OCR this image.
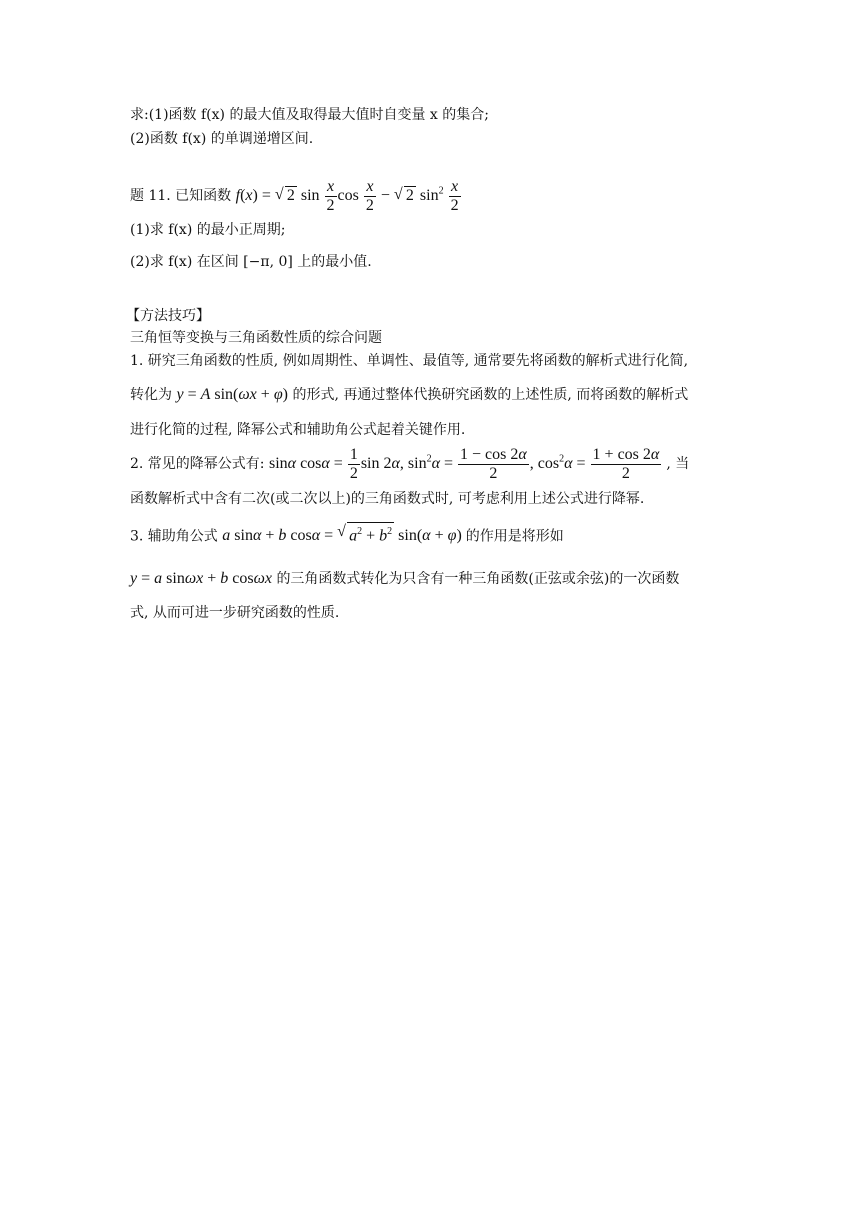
求:(1)函数 f(x) 的最大值及取得最大值时自变量 x 的集合;
(2)函数 f(x) 的单调递增区间.
题 11. 已知函数 f(x) = √ 2 $\sin \frac{x}{2}$ $\cos \frac{x}{2}$ − √ 2 $\sin^2 \frac{x}{2}$
(1)求 f(x) 的最小正周期;
(2)求 f(x) 在区间 [−π, 0] 上的最小值.
【方法技巧】
三角恒等变换与三角函数性质的综合问题
1. 研究三角函数的性质, 例如周期性、单调性、最值等, 通常要先将函数的解析式进行化简,
转化为 y = A sin(ωx + φ) 的形式, 再通过整体代换研究函数的上述性质, 而将函数的解析式
进行化简的过程, 降幂公式和辅助角公式起着关键作用.
2. 常见的降幂公式有: sinα $\cos\alpha = \frac{1}{2}$ sin 2α, $\sin^2\alpha = \frac{1 - \cos 2\alpha}{2}$ , $\cos^2\alpha = \frac{1 + \cos 2\alpha}{2}$ , 当
函数解析式中含有二次(或二次以上)的三角函数式时, 可考虑利用上述公式进行降幂.
3. 辅助角公式 a sinα + b cosα = √ $a^2 + b^2$ sin(α + φ) 的作用是将形如
y = a sinωx + b cosωx 的三角函数式转化为只含有一种三角函数(正弦或余弦)的一次函数
式, 从而可进一步研究函数的性质.
